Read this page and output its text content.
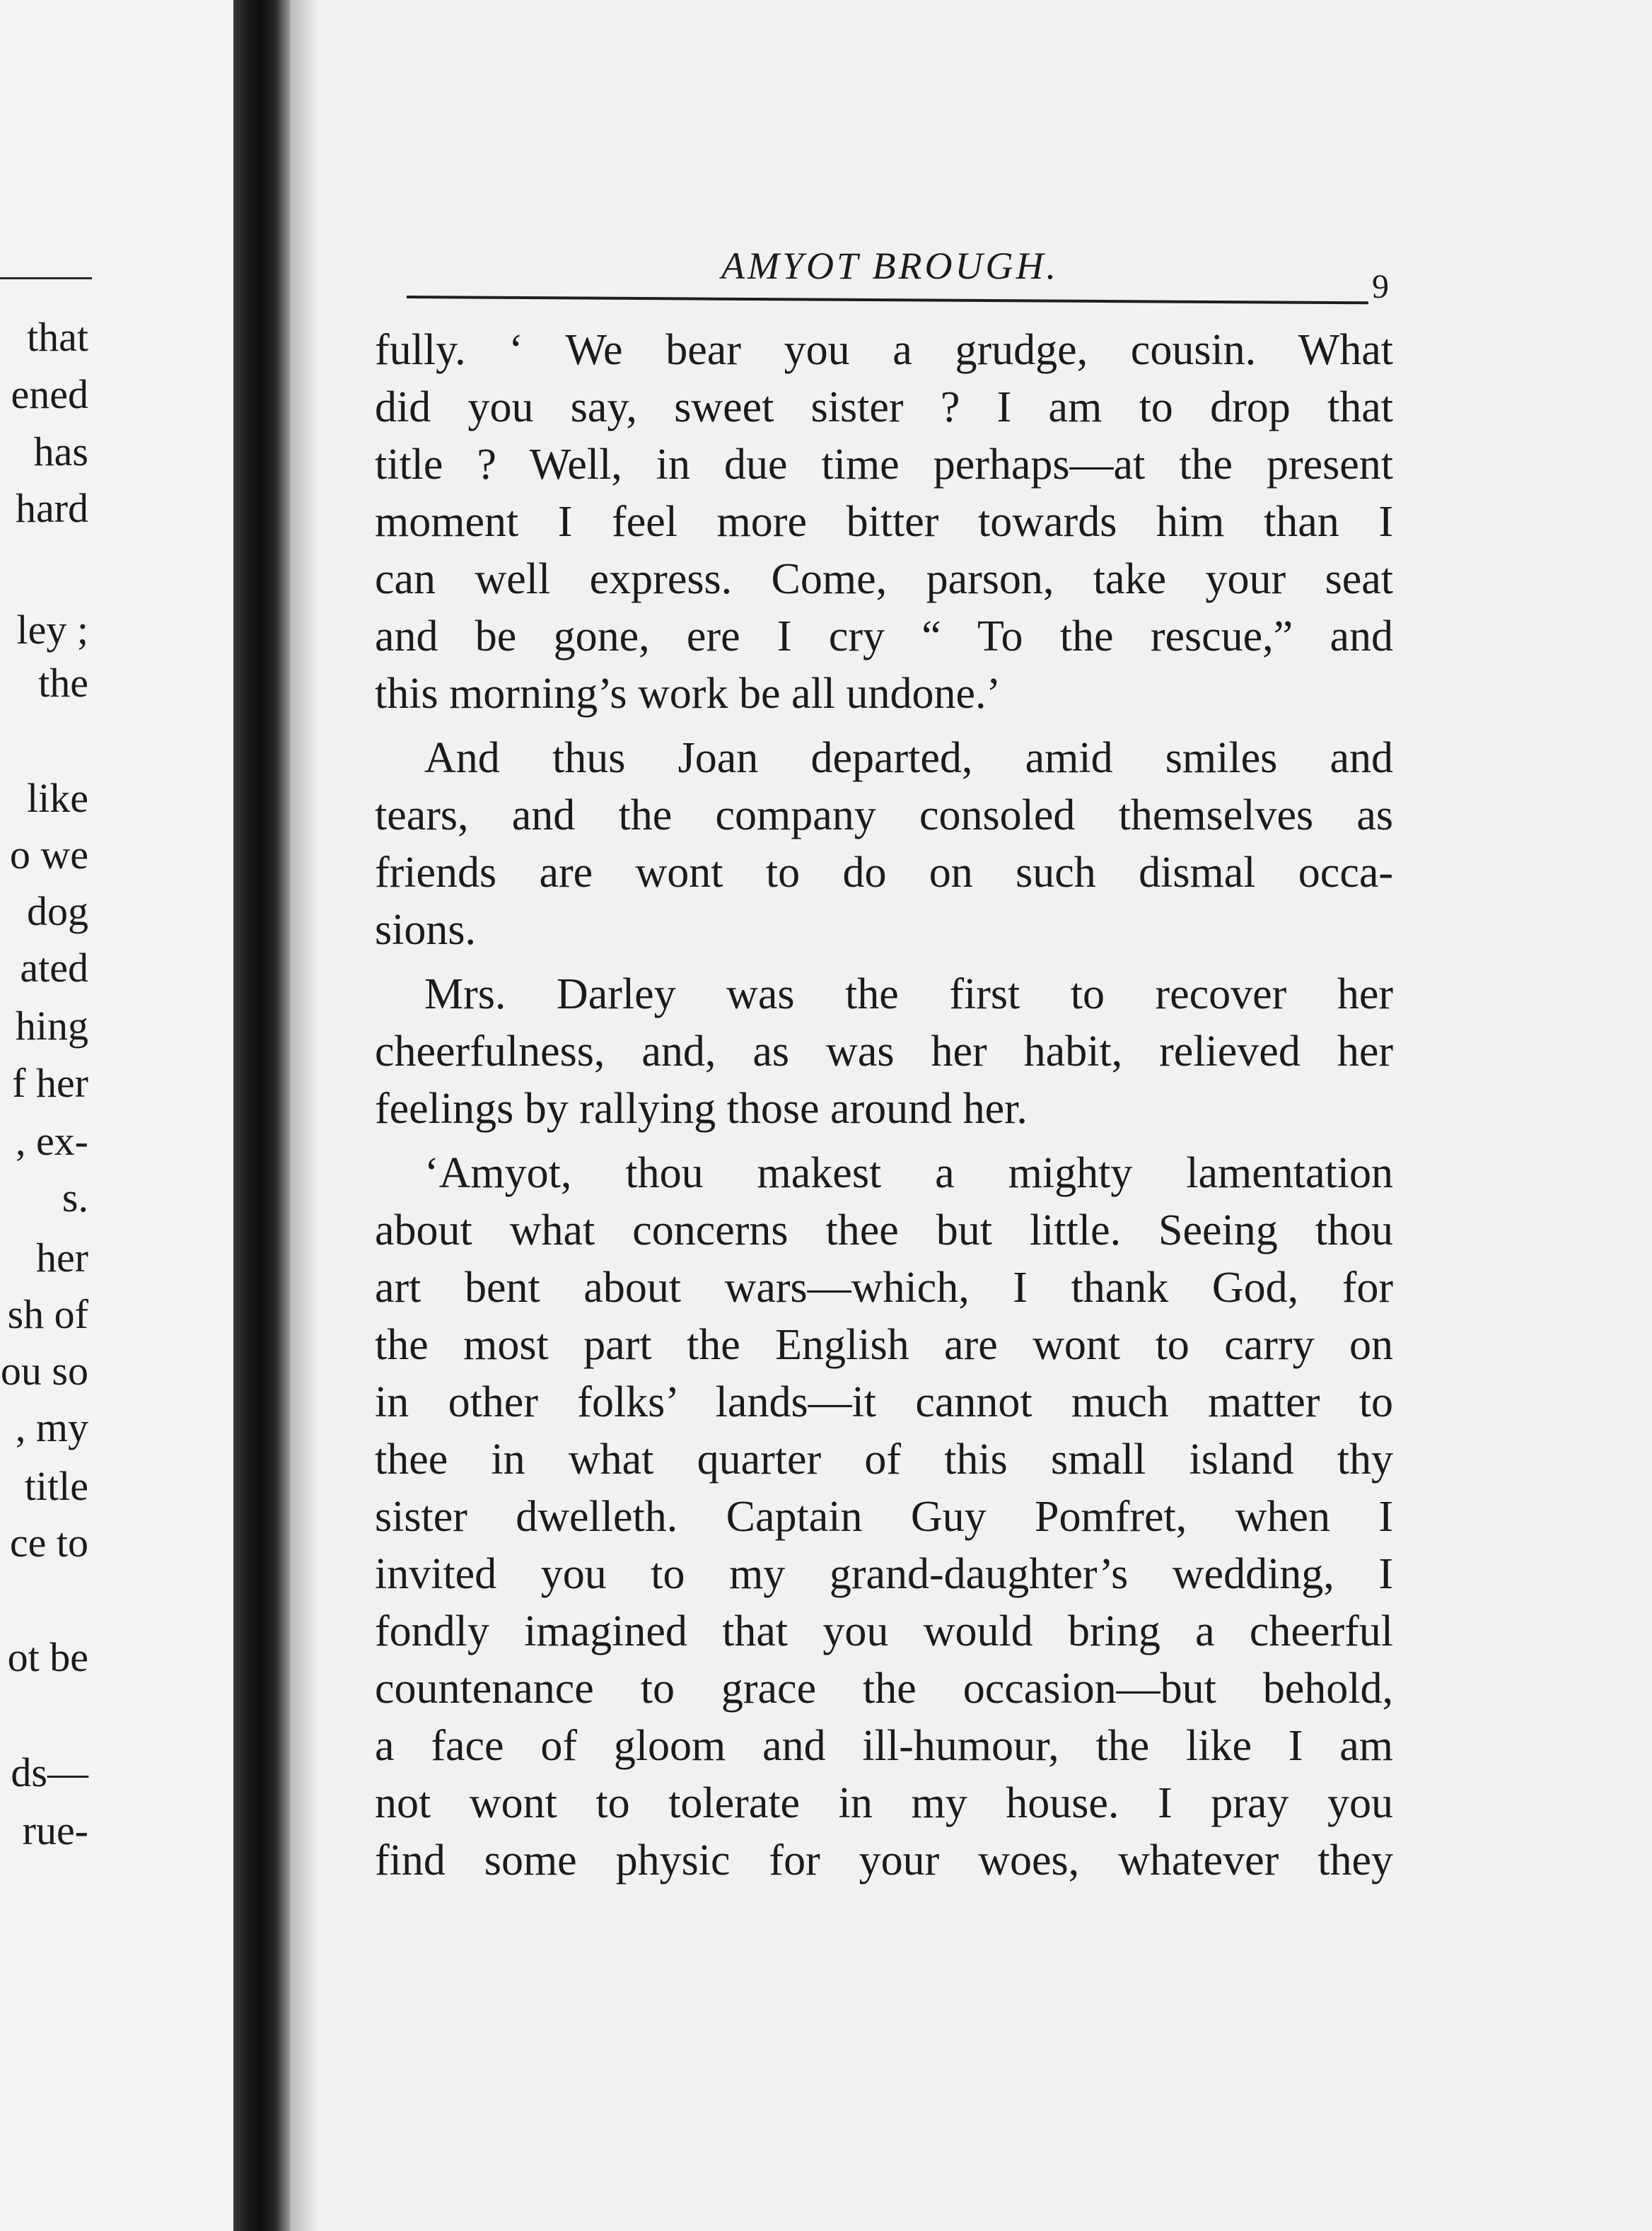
that
ened
has
hard
ley ;
the
like
o we
dog
ated
hing
f her
, ex-
s.
her
sh of
ou so
, my
title
ce to
ot be
ds—
rue-
AMYOT BROUGH.	9
fully. ‘ We bear you a grudge, cousin. What
did you say, sweet sister ? I am to drop that
title ? Well, in due time perhaps—at the present
moment I feel more bitter towards him than I
can well express. Come, parson, take your seat
and be gone, ere I cry “ To the rescue,” and
this morning’s work be all undone.’
And thus Joan departed, amid smiles and
tears, and the company consoled themselves as
friends are wont to do on such dismal occa-
sions.
Mrs. Darley was the first to recover her
cheerfulness, and, as was her habit, relieved her
feelings by rallying those around her.
‘Amyot, thou makest a mighty lamentation
about what concerns thee but little. Seeing thou
art bent about wars—which, I thank God, for
the most part the English are wont to carry on
in other folks’ lands—it cannot much matter to
thee in what quarter of this small island thy
sister dwelleth. Captain Guy Pomfret, when I
invited you to my grand-daughter’s wedding, I
fondly imagined that you would bring a cheerful
countenance to grace the occasion—but behold,
a face of gloom and ill-humour, the like I am
not wont to tolerate in my house. I pray you
find some physic for your woes, whatever they
